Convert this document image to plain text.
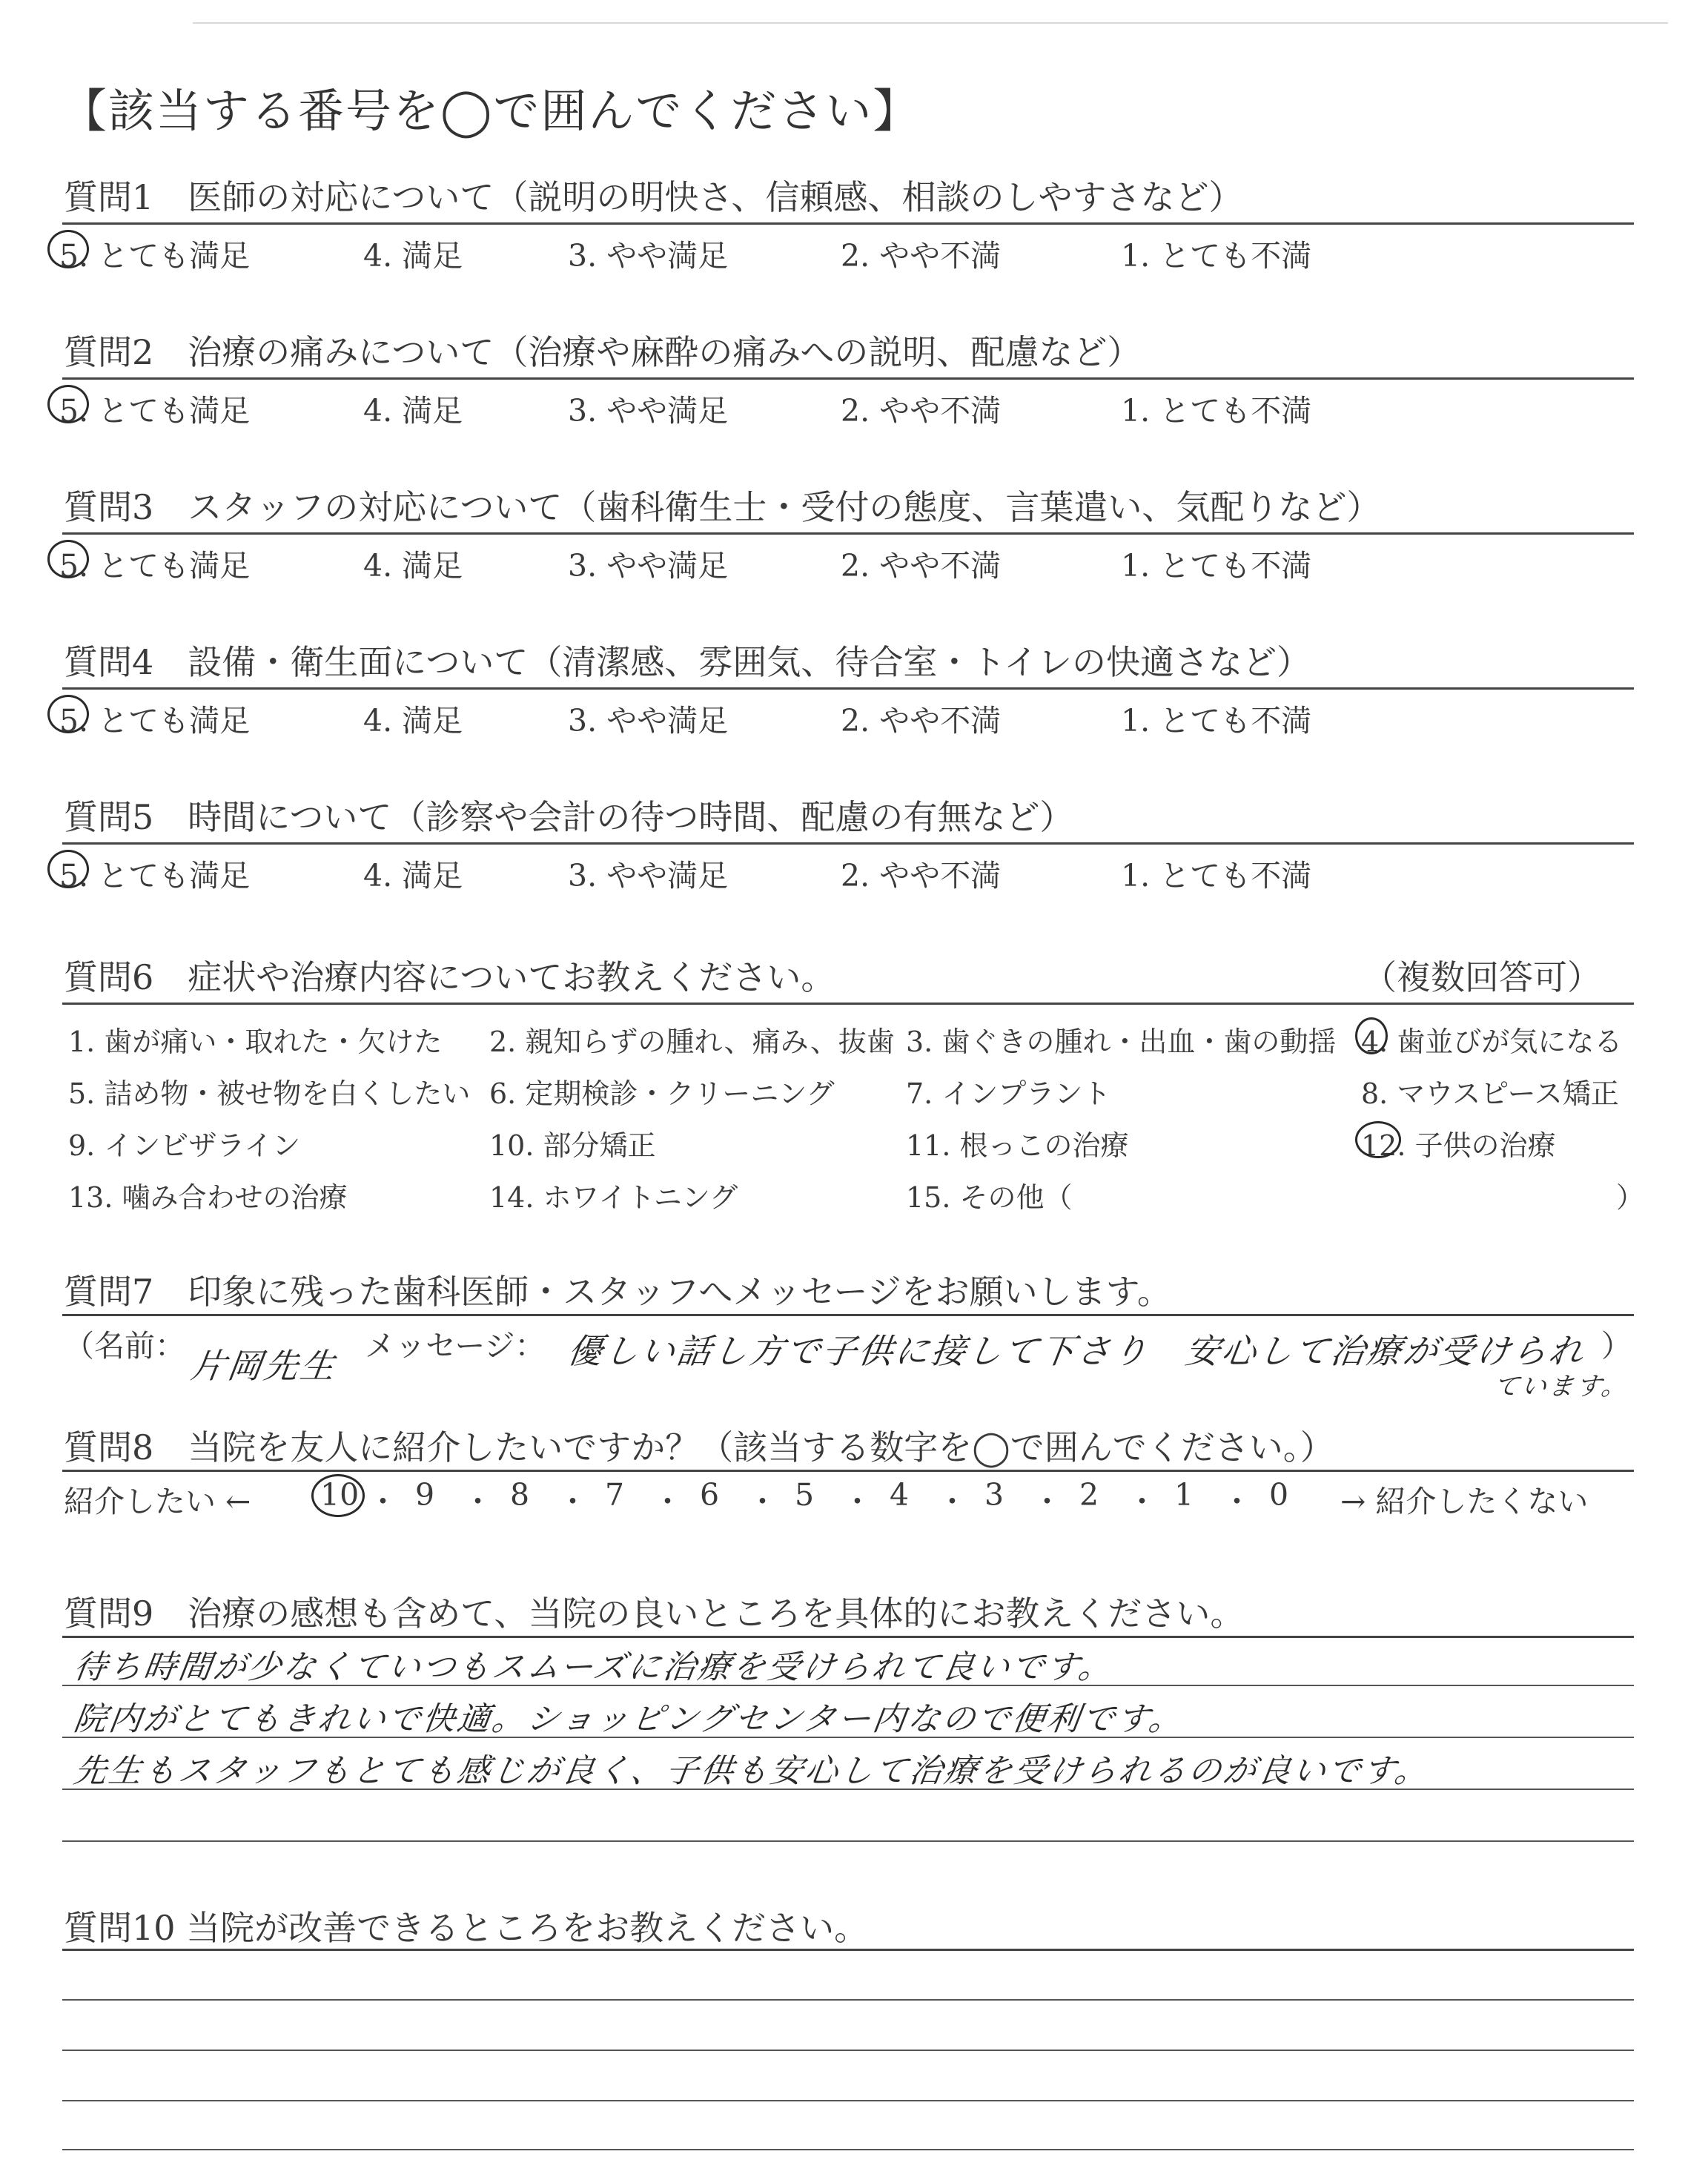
【該当する番号を◯で囲んでください】
質問1　医師の対応について（説明の明快さ、信頼感、相談のしやすさなど）
5. とても満足	4. 満足	3. やや満足	2. やや不満	1. とても不満
質問2　治療の痛みについて（治療や麻酔の痛みへの説明、配慮など）
5. とても満足	4. 満足	3. やや満足	2. やや不満	1. とても不満
質問3　スタッフの対応について（歯科衛生士・受付の態度、言葉遣い、気配りなど）
5. とても満足	4. 満足	3. やや満足	2. やや不満	1. とても不満
質問4　設備・衛生面について（清潔感、雰囲気、待合室・トイレの快適さなど）
5. とても満足	4. 満足	3. やや満足	2. やや不満	1. とても不満
質問5　時間について（診察や会計の待つ時間、配慮の有無など）
5. とても満足	4. 満足	3. やや満足	2. やや不満	1. とても不満
質問6　症状や治療内容についてお教えください。	（複数回答可）
1. 歯が痛い・取れた・欠けた 2. 親知らずの腫れ、痛み、抜歯 3. 歯ぐきの腫れ・出血・歯の動揺 4. 歯並びが気になる
5. 詰め物・被せ物を白くしたい 6. 定期検診・クリーニング	7. インプラント	8. マウスピース矯正
9. インビザライン	10. 部分矯正	11. 根っこの治療	12. 子供の治療
13. 噛み合わせの治療	14. ホワイトニング	15. その他（	）
質問7　印象に残った歯科医師・スタッフへメッセージをお願いします。
（名前： 片岡先生 メッセージ： 優しい話し方で子供に接して下さり　安心して治療が受けられ
ています。
）
質問8　当院を友人に紹介したいですか？（該当する数字を◯で囲んでください。）
紹介したい ← 10 ・ 9 ・ 8 ・ 7 ・ 6 ・ 5 ・ 4 ・ 3 ・ 2 ・ 1 ・ 0 → 紹介したくない
質問9　治療の感想も含めて、当院の良いところを具体的にお教えください。
待ち時間が少なくていつもスムーズに治療を受けられて良いです。
院内がとてもきれいで快適。ショッピングセンター内なので便利です。
先生もスタッフもとても感じが良く、子供も安心して治療を受けられるのが良いです。
質問10 当院が改善できるところをお教えください。
